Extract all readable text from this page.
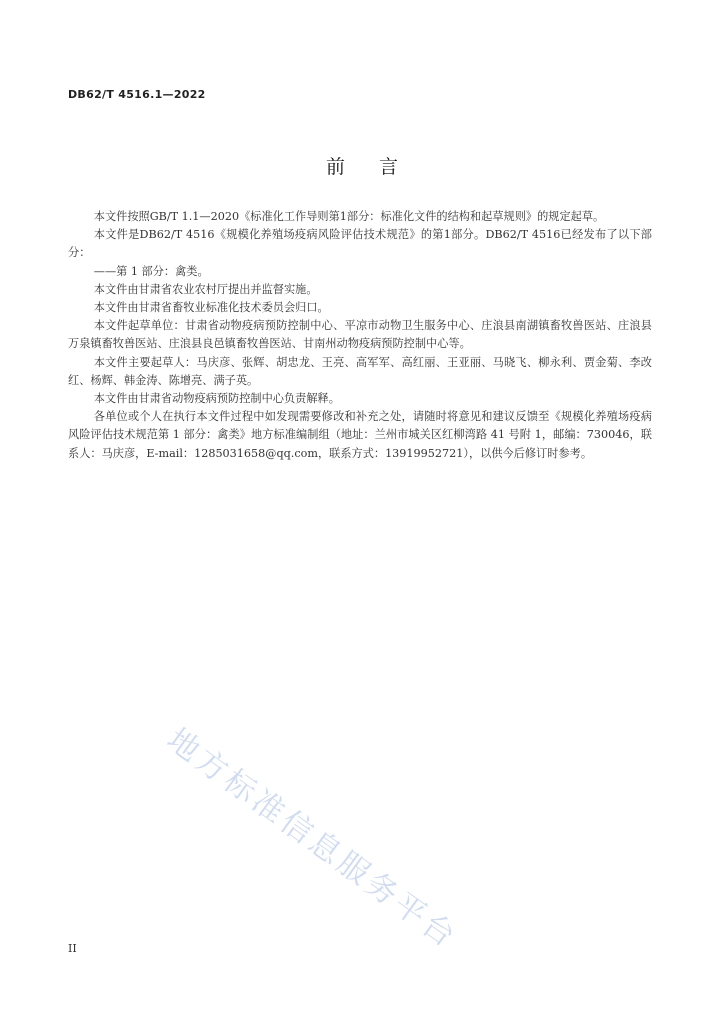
DB62/T 4516.1—2022
前言

本文件按照GB/T 1.1—2020《标准化工作导则第1部分：标准化文件的结构和起草规则》的规定起草。

本文件是DB62/T 4516《规模化养殖场疫病风险评估技术规范》的第1部分。DB62/T 4516已经发布了以下部分：

——第 1 部分：禽类。

本文件由甘肃省农业农村厅提出并监督实施。

本文件由甘肃省畜牧业标准化技术委员会归口。

本文件起草单位：甘肃省动物疫病预防控制中心、平凉市动物卫生服务中心、庄浪县南湖镇畜牧兽医站、庄浪县万泉镇畜牧兽医站、庄浪县良邑镇畜牧兽医站、甘南州动物疫病预防控制中心等。

本文件主要起草人：马庆彦、张辉、胡忠龙、王亮、高军军、高红丽、王亚丽、马晓飞、柳永利、贾金菊、李改红、杨辉、韩金涛、陈增亮、满子英。

本文件由甘肃省动物疫病预防控制中心负责解释。

各单位或个人在执行本文件过程中如发现需要修改和补充之处，请随时将意见和建议反馈至《规模化养殖场疫病风险评估技术规范第 1 部分：禽类》地方标准编制组（地址：兰州市城关区红柳湾路 41 号附 1，邮编：730046，联系人：马庆彦，E-mail：1285031658@qq.com，联系方式：13919952721），以供今后修订时参考。

地方标准信息服务平台
II
